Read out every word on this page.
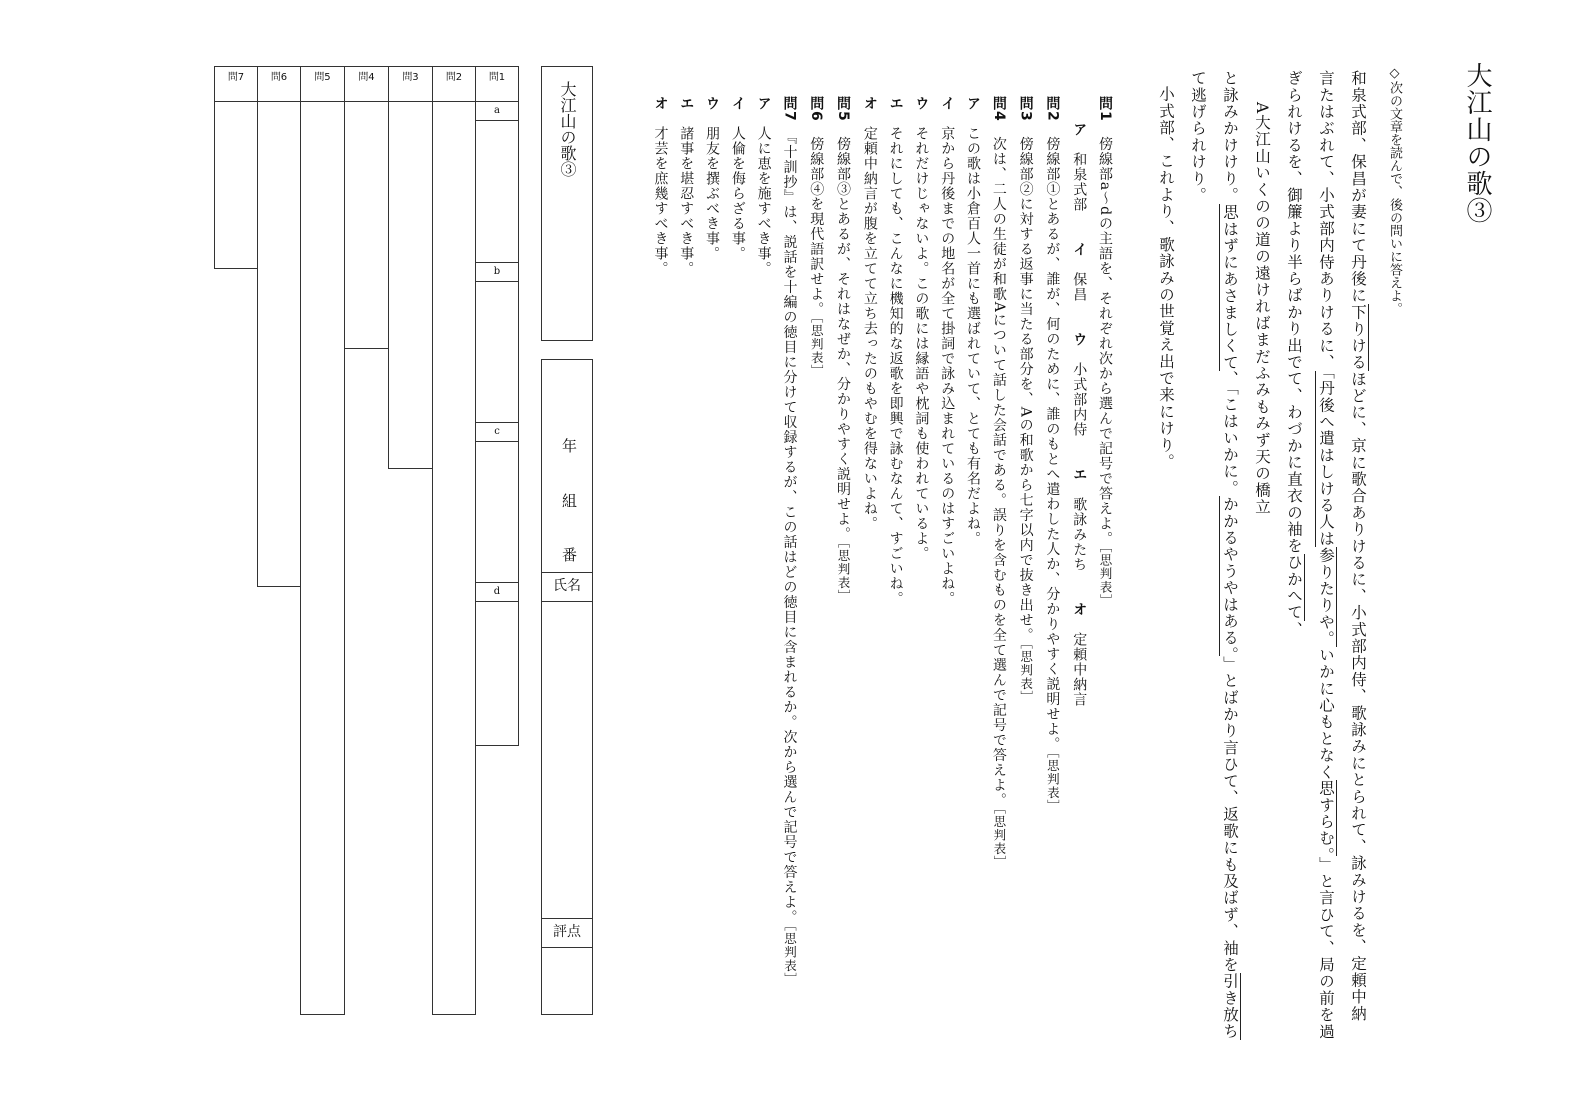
大江山の歌③
◇次の文章を読んで、後の問いに答えよ。
和泉式部、保昌が妻にて丹後に下りけるほどに、京に歌合ありけるに、小式部内侍、歌詠みにとられて、詠みけるを、定頼中納
言たはぶれて、小式部内侍ありけるに、「丹後へ遣はしける人は参りたりや。いかに心もとなく思すらむ。」と言ひて、局の前を過
ぎられけるを、御簾より半らばかり出でて、わづかに直衣の袖をひかへて、
A大江山いくのの道の遠ければまだふみもみず天の橋立
と詠みかけけり。思はずにあさましくて、「こはいかに。かかるやうやはある。」とばかり言ひて、返歌にも及ばず、袖を引き放ち
て逃げられけり。
小式部、これより、歌詠みの世覚え出で来にけり。
問1　傍線部a〜dの主語を、それぞれ次から選んで記号で答えよ。［思判表］
ア　和泉式部　　イ　保昌　　ウ　小式部内侍　　エ　歌詠みたち　　オ　定頼中納言
問2　傍線部①とあるが、誰が、何のために、誰のもとへ遣わした人か、分かりやすく説明せよ。［思判表］
問3　傍線部②に対する返事に当たる部分を、Aの和歌から七字以内で抜き出せ。［思判表］
問4　次は、二人の生徒が和歌Aについて話した会話である。誤りを含むものを全て選んで記号で答えよ。［思判表］
ア　この歌は小倉百人一首にも選ばれていて、とても有名だよね。
イ　京から丹後までの地名が全て掛詞で詠み込まれているのはすごいよね。
ウ　それだけじゃないよ。この歌には縁語や枕詞も使われているよ。
エ　それにしても、こんなに機知的な返歌を即興で詠むなんて、すごいね。
オ　定頼中納言が腹を立てて立ち去ったのもやむを得ないよね。
問5　傍線部③とあるが、それはなぜか、分かりやすく説明せよ。［思判表］
問6　傍線部④を現代語訳せよ。［思判表］
問7　『十訓抄』は、説話を十編の徳目に分けて収録するが、この話はどの徳目に含まれるか。次から選んで記号で答えよ。［思判表］
ア　人に恵を施すべき事。
イ　人倫を侮らざる事。
ウ　朋友を撰ぶべき事。
エ　諸事を堪忍すべき事。
オ　才芸を庶幾すべき事。
大江山の歌③
年
組
番
氏名
評点
問1
問2
問3
問4
問5
問6
問7
a
b
c
d
